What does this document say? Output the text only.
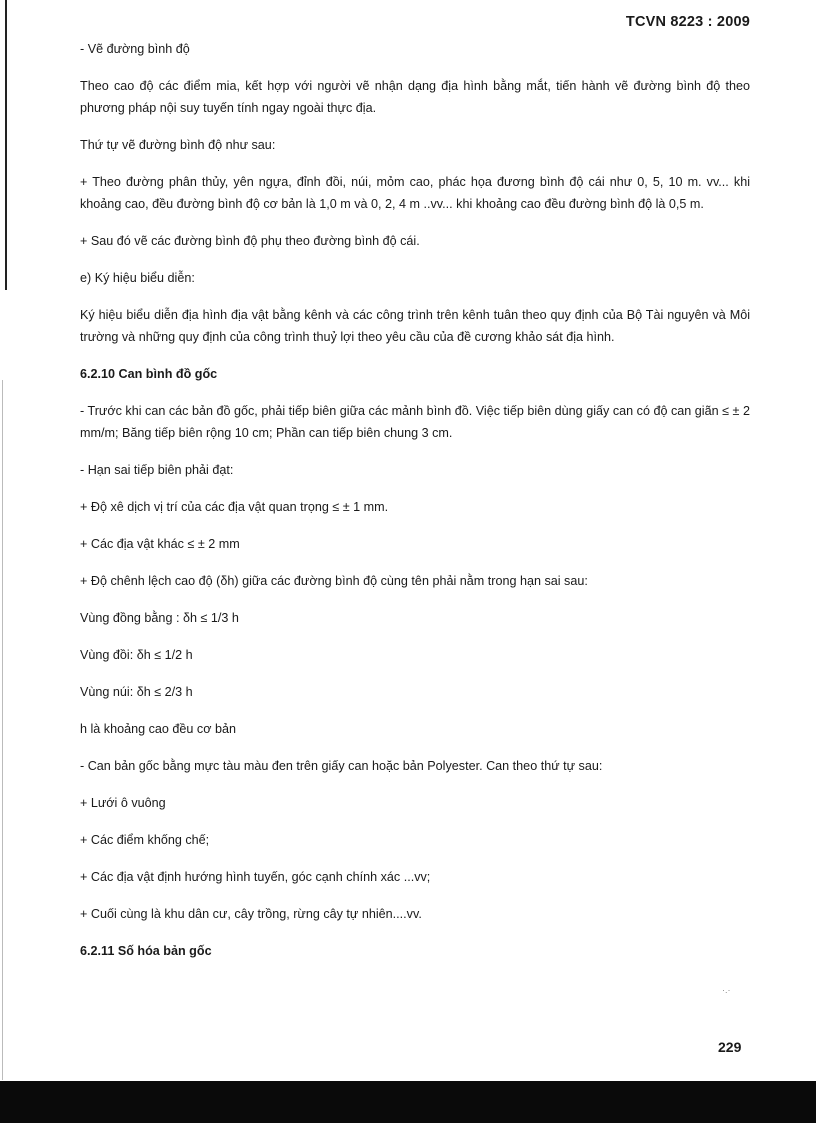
TCVN 8223 : 2009

- Vẽ đường bình độ

Theo cao độ các điểm mia, kết hợp với người vẽ nhận dạng địa hình bằng mắt, tiến hành vẽ đường bình độ theo phương pháp nội suy tuyến tính ngay ngoài thực địa.

Thứ tự vẽ đường bình độ như sau:

+ Theo đường phân thủy, yên ngựa, đỉnh đồi, núi, mỏm cao, phác họa đương bình độ cái như 0, 5, 10 m. vv... khi khoảng cao, đều đường bình độ cơ bản là 1,0 m và 0, 2, 4 m ..vv... khi khoảng cao đều đường bình độ là 0,5 m.

+ Sau đó vẽ các đường bình độ phụ theo đường bình độ cái.

e) Ký hiệu biểu diễn:

Ký hiệu biểu diễn địa hình địa vật bằng kênh và các công trình trên kênh tuân theo quy định của Bộ Tài nguyên và Môi trường và những quy định của công trình thuỷ lợi theo yêu cầu của đề cương khảo sát địa hình.

6.2.10 Can bình đồ gốc

- Trước khi can các bản đồ gốc, phải tiếp biên giữa các mảnh bình đồ. Việc tiếp biên dùng giấy can có độ can giãn ≤ ± 2 mm/m; Băng tiếp biên rộng 10 cm; Phần can tiếp biên chung 3 cm.

- Hạn sai tiếp biên phải đạt:

+ Độ xê dịch vị trí của các địa vật quan trọng ≤ ± 1 mm.

+ Các địa vật khác ≤ ± 2 mm

+ Độ chênh lệch cao độ (δh) giữa các đường bình độ cùng tên phải nằm trong hạn sai sau:

Vùng đồng bằng : δh ≤ 1/3 h

Vùng đồi: δh ≤ 1/2 h

Vùng núi: δh ≤ 2/3 h

h là khoảng cao đều cơ bản

- Can bản gốc bằng mực tàu màu đen trên giấy can hoặc bản Polyester. Can theo thứ tự sau:

+ Lưới ô vuông

+ Các điểm khống chế;

+ Các địa vật định hướng hình tuyến, góc cạnh chính xác ...vv;

+ Cuối cùng là khu dân cư, cây trồng, rừng cây tự nhiên....vv.

6.2.11 Số hóa bản gốc

·.·
229
